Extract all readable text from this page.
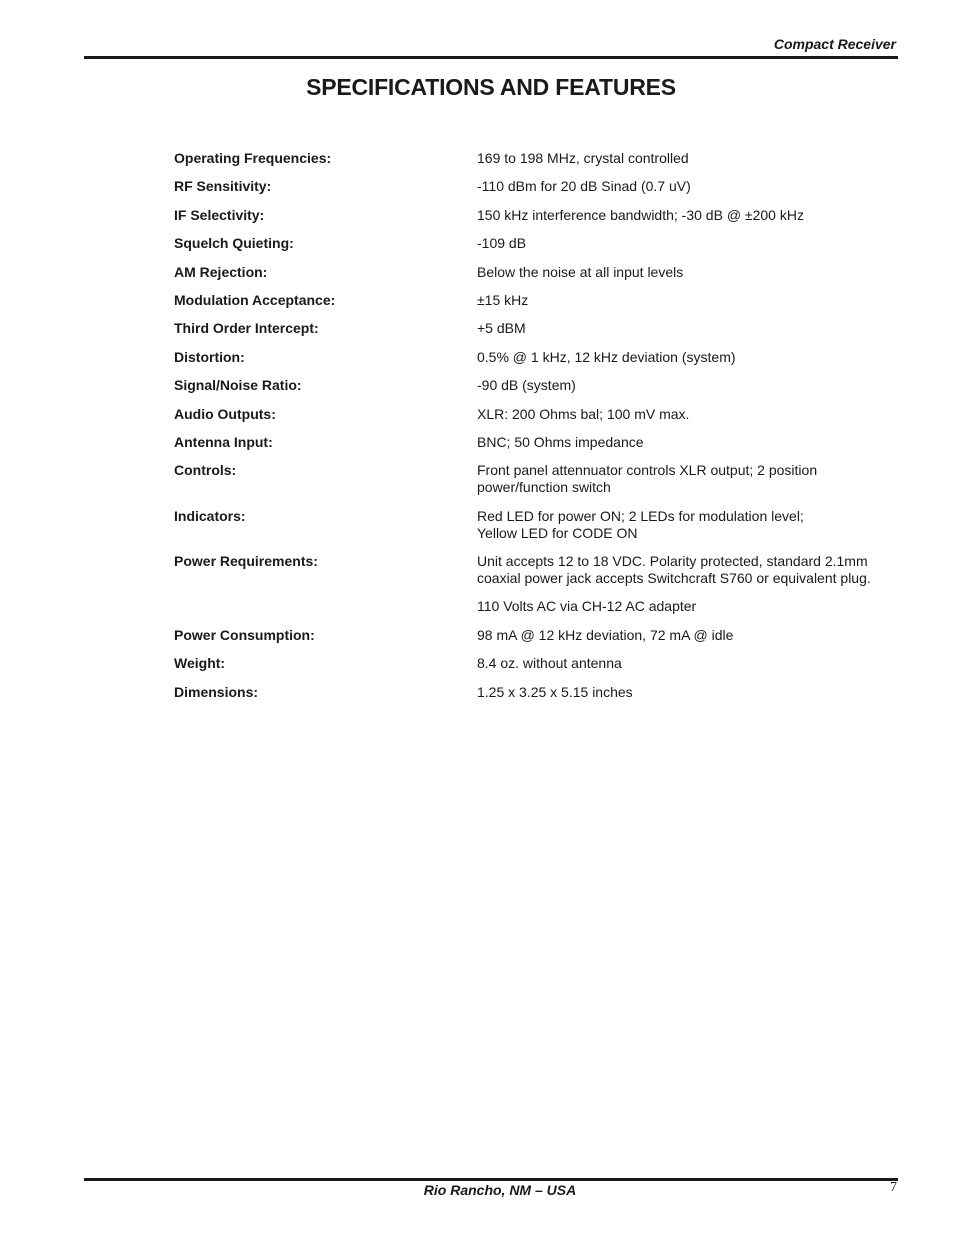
Compact Receiver
SPECIFICATIONS AND FEATURES
Operating Frequencies:	169 to 198 MHz, crystal controlled
RF Sensitivity:	-110 dBm for 20 dB Sinad (0.7 uV)
IF Selectivity:	150 kHz interference bandwidth; -30 dB @ ±200 kHz
Squelch Quieting:	-109 dB
AM Rejection:	Below the noise at all input levels
Modulation Acceptance:	±15 kHz
Third Order Intercept:	+5 dBM
Distortion:	0.5% @ 1 kHz, 12 kHz deviation (system)
Signal/Noise Ratio:	-90 dB (system)
Audio Outputs:	XLR: 200 Ohms bal; 100 mV max.
Antenna Input:	BNC; 50 Ohms impedance
Controls:	Front panel attennuator controls XLR output; 2 position
power/function switch
Indicators:	Red LED for power ON; 2 LEDs for modulation level;
Yellow LED for CODE ON
Power Requirements:	Unit accepts 12 to 18 VDC. Polarity protected, standard 2.1mm
coaxial power jack accepts Switchcraft S760 or equivalent plug.
110 Volts AC via CH-12 AC adapter
Power Consumption:	98 mA @ 12 kHz deviation, 72 mA @ idle
Weight:	8.4 oz. without antenna
Dimensions:	1.25 x 3.25 x 5.15 inches
Rio Rancho, NM – USA	7
